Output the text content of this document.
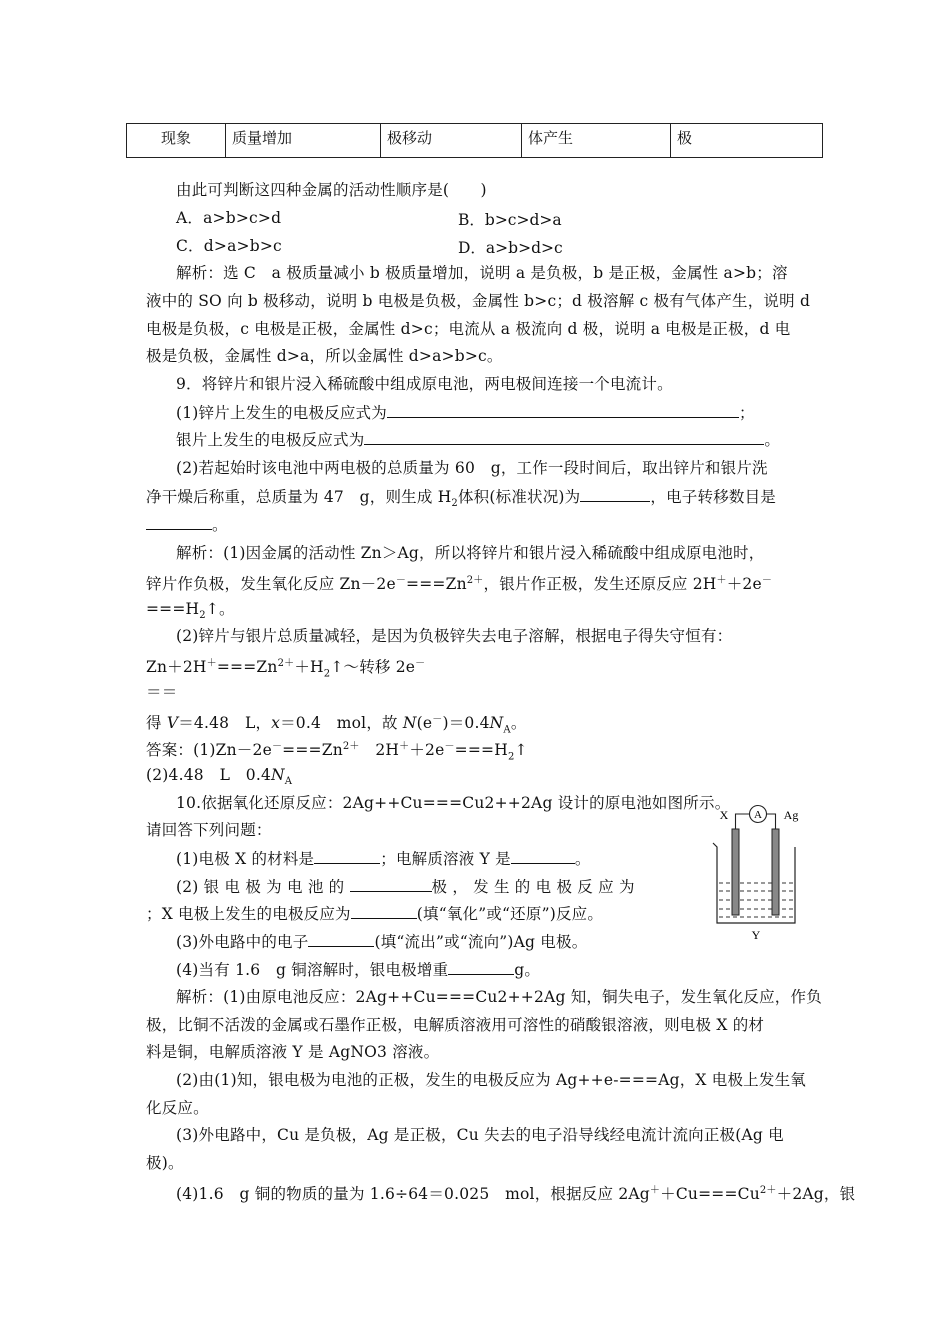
现象	质量增加	极移动	体产生	极
由此可判断这四种金属的活动性顺序是(　　)
A．a>b>c>d	B．b>c>d>a
C．d>a>b>c	D．a>b>d>c
解析：选 C　a 极质量减小 b 极质量增加，说明 a 是负极，b 是正极，金属性 a>b；溶
液中的 SO 向 b 极移动，说明 b 电极是负极，金属性 b>c；d 极溶解 c 极有气体产生，说明 d
电极是负极，c 电极是正极，金属性 d>c；电流从 a 极流向 d 极，说明 a 电极是正极，d 电
极是负极，金属性 d>a，所以金属性 d>a>b>c。
9．将锌片和银片浸入稀硫酸中组成原电池，两电极间连接一个电流计。
(1)锌片上发生的电极反应式为	；
银片上发生的电极反应式为	。
(2)若起始时该电池中两电极的总质量为 60　g，工作一段时间后，取出锌片和银片洗
净干燥后称重，总质量为 47　g，则生成 $H_2$体积(标准状况)为	，电子转移数目是
。
解析：(1)因金属的活动性 Zn＞Ag，所以将锌片和银片浸入稀硫酸中组成原电池时，
锌片作负极，发生氧化反应 $Zn-2e^-===Zn^{2+}$，银片作正极，发生还原反应 2H＋＋2e－
$===H_2↑$。
(2)锌片与银片总质量减轻，是因为负极锌失去电子溶解，根据电子得失守恒有：
$Zn+2H^+===Zn^{2+}+H_2↑\sim$转移 2e－
＝＝
得 V＝4.48　L，x＝0.4　mol，故 $N(e^-)=0.4N_A$。
答案：$(1)Zn-2e^-===Zn^{2+}$　$2H^++2e^-===H_2↑$
(2)4.48　L　$0.4N_A$
10.依据氧化还原反应：2Ag++Cu===Cu2++2Ag 设计的原电池如图所示。
请回答下列问题：
(1)电极 X 的材料是	；电解质溶液 Y 是	。
(2) 银 电 极 为 电 池 的	极 ， 发 生 的 电 极 反 应 为
；X 电极上发生的电极反应为	(填“氧化”或“还原”)反应。
(3)外电路中的电子	(填“流出”或“流向”)Ag 电极。
(4)当有 1.6　g 铜溶解时，银电极增重	g。
解析：(1)由原电池反应：2Ag++Cu===Cu2++2Ag 知，铜失电子，发生氧化反应，作负
极，比铜不活泼的金属或石墨作正极，电解质溶液用可溶性的硝酸银溶液，则电极 X 的材
料是铜，电解质溶液 Y 是 AgNO3 溶液。
(2)由(1)知，银电极为电池的正极，发生的电极反应为 Ag++e-===Ag，X 电极上发生氧
化反应。
(3)外电路中，Cu 是负极，Ag 是正极，Cu 失去的电子沿导线经电流计流向正极(Ag 电
极)。
(4)1.6　g 铜的物质的量为 1.6÷64＝0.025　mol，根据反应 $2Ag^++Cu===Cu^{2+}+2Ag$，银
A
X	Ag
Y
